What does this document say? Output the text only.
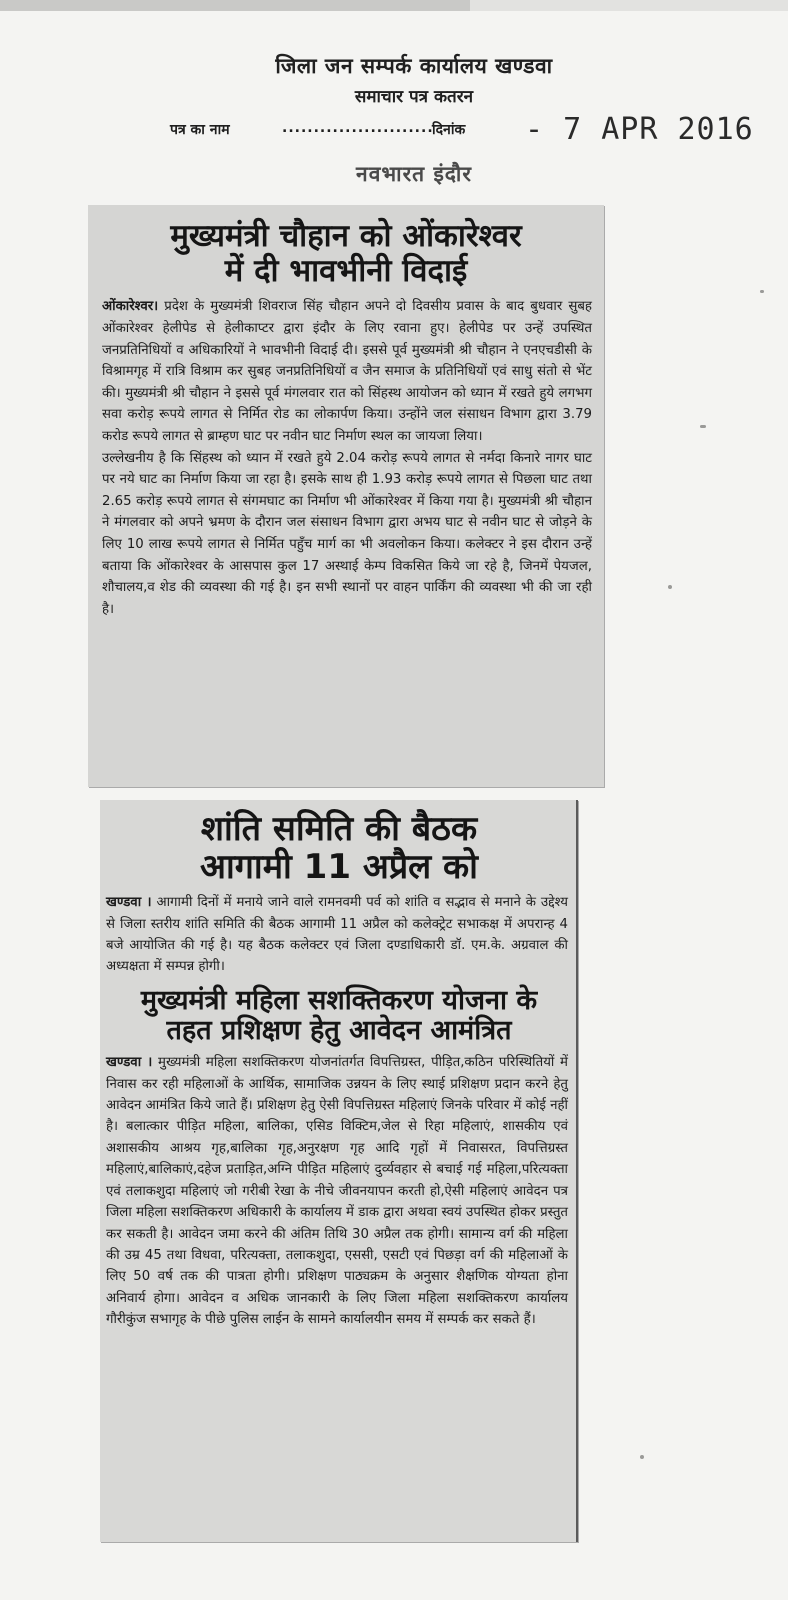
जिला जन सम्पर्क कार्यालय खण्डवा
समाचार पत्र कतरन
पत्र का नाम	........................
दिनांक - 7 APR 2016
नवभारत इंदौर
मुख्यमंत्री चौहान को ओंकारेश्वर
में दी भावभीनी विदाई

ओंकारेश्वर। प्रदेश के मुख्यमंत्री शिवराज सिंह चौहान अपने दो दिवसीय प्रवास के बाद बुधवार सुबह ओंकारेश्वर हेलीपेड से हेलीकाप्टर द्वारा इंदौर के लिए रवाना हुए। हेलीपेड पर उन्हें उपस्थित जनप्रतिनिधियों व अधिकारियों ने भावभीनी विदाई दी। इससे पूर्व मुख्यमंत्री श्री चौहान ने एनएचडीसी के विश्रामगृह में रात्रि विश्राम कर सुबह जनप्रतिनिधियों व जैन समाज के प्रतिनिधियों एवं साधु संतो से भेंट की। मुख्यमंत्री श्री चौहान ने इससे पूर्व मंगलवार रात को सिंहस्थ आयोजन को ध्यान में रखते हुये लगभग सवा करोड़ रूपये लागत से निर्मित रोड का लोकार्पण किया। उन्होंने जल संसाधन विभाग द्वारा 3.79 करोड रूपये लागत से ब्राम्हण घाट पर नवीन घाट निर्माण स्थल का जायजा लिया।
उल्लेखनीय है कि सिंहस्थ को ध्यान में रखते हुये 2.04 करोड़ रूपये लागत से नर्मदा किनारे नागर घाट पर नये घाट का निर्माण किया जा रहा है। इसके साथ ही 1.93 करोड़ रूपये लागत से पिछला घाट तथा 2.65 करोड़ रूपये लागत से संगमघाट का निर्माण भी ओंकारेश्वर में किया गया है। मुख्यमंत्री श्री चौहान ने मंगलवार को अपने भ्रमण के दौरान जल संसाधन विभाग द्वारा अभय घाट से नवीन घाट से जोड़ने के लिए 10 लाख रूपये लागत से निर्मित पहुँच मार्ग का भी अवलोकन किया। कलेक्टर ने इस दौरान उन्हें बताया कि ओंकारेश्वर के आसपास कुल 17 अस्थाई केम्प विकसित किये जा रहे है, जिनमें पेयजल, शौचालय,व शेड की व्यवस्था की गई है। इन सभी स्थानों पर वाहन पार्किंग की व्यवस्था भी की जा रही है।

शांति समिति की बैठक
आगामी 11 अप्रैल को

खण्डवा । आगामी दिनों में मनाये जाने वाले रामनवमी पर्व को शांति व सद्भाव से मनाने के उद्देश्य से जिला स्तरीय शांति समिति की बैठक आगामी 11 अप्रैल को कलेक्ट्रेट सभाकक्ष में अपरान्ह 4 बजे आयोजित की गई है। यह बैठक कलेक्टर एवं जिला दण्डाधिकारी डॉ. एम.के. अग्रवाल की अध्यक्षता में सम्पन्न होगी।

मुख्यमंत्री महिला सशक्तिकरण योजना के
तहत प्रशिक्षण हेतु आवेदन आमंत्रित

खण्डवा । मुख्यमंत्री महिला सशक्तिकरण योजनांतर्गत विपत्तिग्रस्त, पीड़ित,कठिन परिस्थितियों में निवास कर रही महिलाओं के आर्थिक, सामाजिक उन्नयन के लिए स्थाई प्रशिक्षण प्रदान करने हेतु आवेदन आमंत्रित किये जाते हैं। प्रशिक्षण हेतु ऐसी विपत्तिग्रस्त महिलाएं जिनके परिवार में कोई नहीं है। बलात्कार पीड़ित महिला, बालिका, एसिड विक्टिम,जेल से रिहा महिलाएं, शासकीय एवं अशासकीय आश्रय गृह,बालिका गृह,अनुरक्षण गृह आदि गृहों में निवासरत, विपत्तिग्रस्त महिलाएं,बालिकाएं,दहेज प्रताड़ित,अग्नि पीड़ित महिलाएं दुर्व्यवहार से बचाई गई महिला,परित्यक्ता एवं तलाकशुदा महिलाएं जो गरीबी रेखा के नीचे जीवनयापन करती हो,ऐसी महिलाएं आवेदन पत्र जिला महिला सशक्तिकरण अधिकारी के कार्यालय में डाक द्वारा अथवा स्वयं उपस्थित होकर प्रस्तुत कर सकती है। आवेदन जमा करने की अंतिम तिथि 30 अप्रैल तक होगी। सामान्य वर्ग की महिला की उम्र 45 तथा विधवा, परित्यक्ता, तलाकशुदा, एससी, एसटी एवं पिछड़ा वर्ग की महिलाओं के लिए 50 वर्ष तक की पात्रता होगी। प्रशिक्षण पाठ्यक्रम के अनुसार शैक्षणिक योग्यता होना अनिवार्य होगा। आवेदन व अधिक जानकारी के लिए जिला महिला सशक्तिकरण कार्यालय गौरीकुंज सभागृह के पीछे पुलिस लाईन के सामने कार्यालयीन समय में सम्पर्क कर सकते हैं।
